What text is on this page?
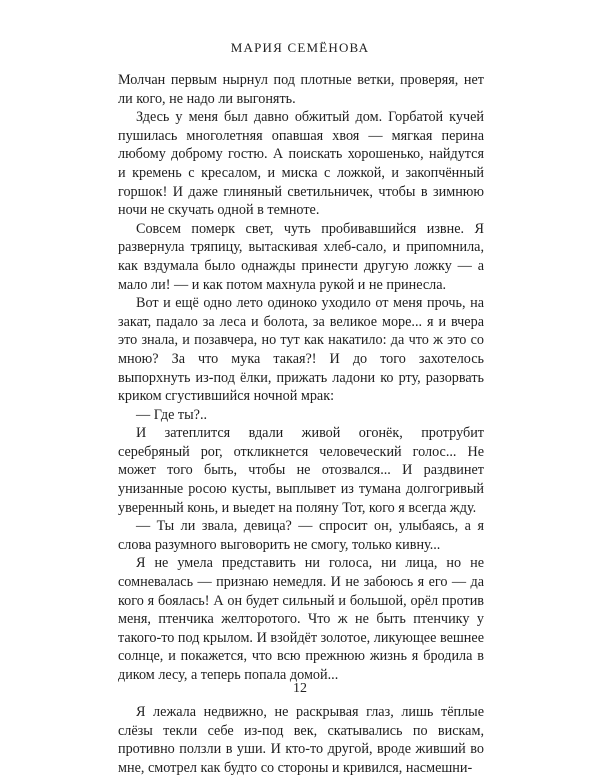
МАРИЯ СЕМЁНОВА

Молчан первым нырнул под плотные ветки, проверяя, нет ли кого, не надо ли выгонять.

Здесь у меня был давно обжитый дом. Горбатой кучей пушилась многолетняя опавшая хвоя — мягкая перина любому доброму гостю. А поискать хорошенько, найдутся и кремень с кресалом, и миска с ложкой, и закопчённый горшок! И даже глиняный светильничек, чтобы в зимнюю ночи не скучать одной в темноте.

Совсем померк свет, чуть пробивавшийся извне. Я развернула тряпицу, вытаскивая хлеб-сало, и припомнила, как вздумала было однажды принести другую ложку — а мало ли! — и как потом махнула рукой и не принесла.

Вот и ещё одно лето одиноко уходило от меня прочь, на закат, падало за леса и болота, за великое море... я и вчера это знала, и позавчера, но тут как накатило: да что ж это со мною? За что мука такая?! И до того захотелось выпорхнуть из-под ёлки, прижать ладони ко рту, разорвать криком сгустившийся ночной мрак:

— Где ты?..

И затеплится вдали живой огонёк, протрубит серебряный рог, откликнется человеческий голос... Не может того быть, чтобы не отозвался... И раздвинет унизанные росою кусты, выплывет из тумана долгогривый уверенный конь, и выедет на поляну Тот, кого я всегда жду.

— Ты ли звала, девица? — спросит он, улыбаясь, а я слова разумного выговорить не смогу, только кивну...

Я не умела представить ни голоса, ни лица, но не сомневалась — признаю немедля. И не забоюсь я его — да кого я боялась! А он будет сильный и большой, орёл против меня, птенчика желторотого. Что ж не быть птенчику у такого-то под крылом. И взойдёт золотое, ликующее вешнее солнце, и покажется, что всю прежнюю жизнь я бродила в диком лесу, а теперь попала домой...

Я лежала недвижно, не раскрывая глаз, лишь тёплые слёзы текли себе из-под век, скатывались по вискам, противно ползли в уши. И кто-то другой, вроде живший во мне, смотрел как будто со стороны и кривился, насмешни-

12
